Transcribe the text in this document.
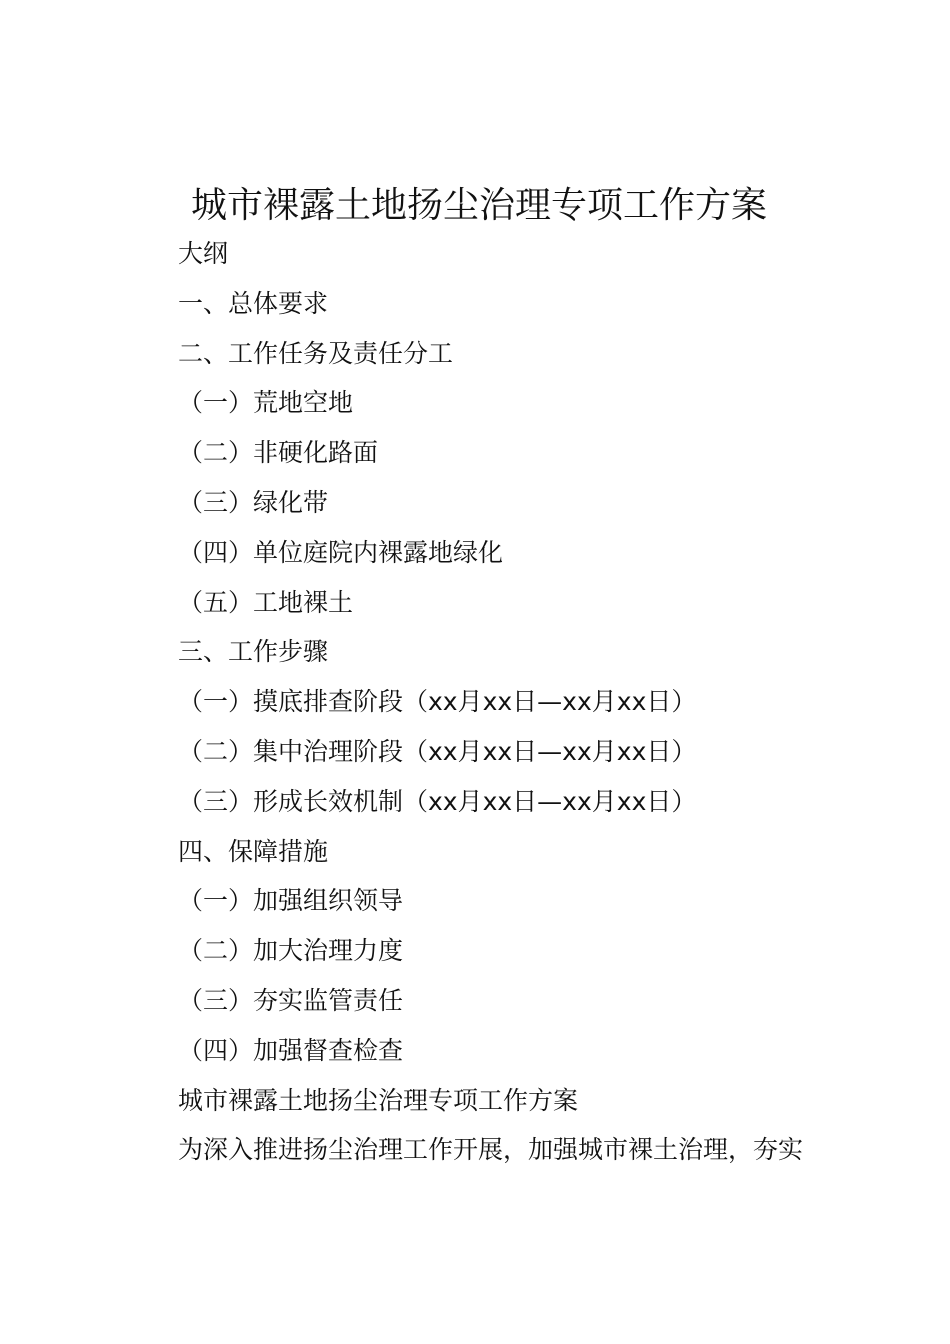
城市裸露土地扬尘治理专项工作方案
大纲
一、总体要求
二、工作任务及责任分工
（一）荒地空地
（二）非硬化路面
（三）绿化带
（四）单位庭院内裸露地绿化
（五）工地裸土
三、工作步骤
（一）摸底排查阶段（xx月xx日—xx月xx日）
（二）集中治理阶段（xx月xx日—xx月xx日）
（三）形成长效机制（xx月xx日—xx月xx日）
四、保障措施
（一）加强组织领导
（二）加大治理力度
（三）夯实监管责任
（四）加强督查检查
城市裸露土地扬尘治理专项工作方案
为深入推进扬尘治理工作开展，加强城市裸土治理，夯实
